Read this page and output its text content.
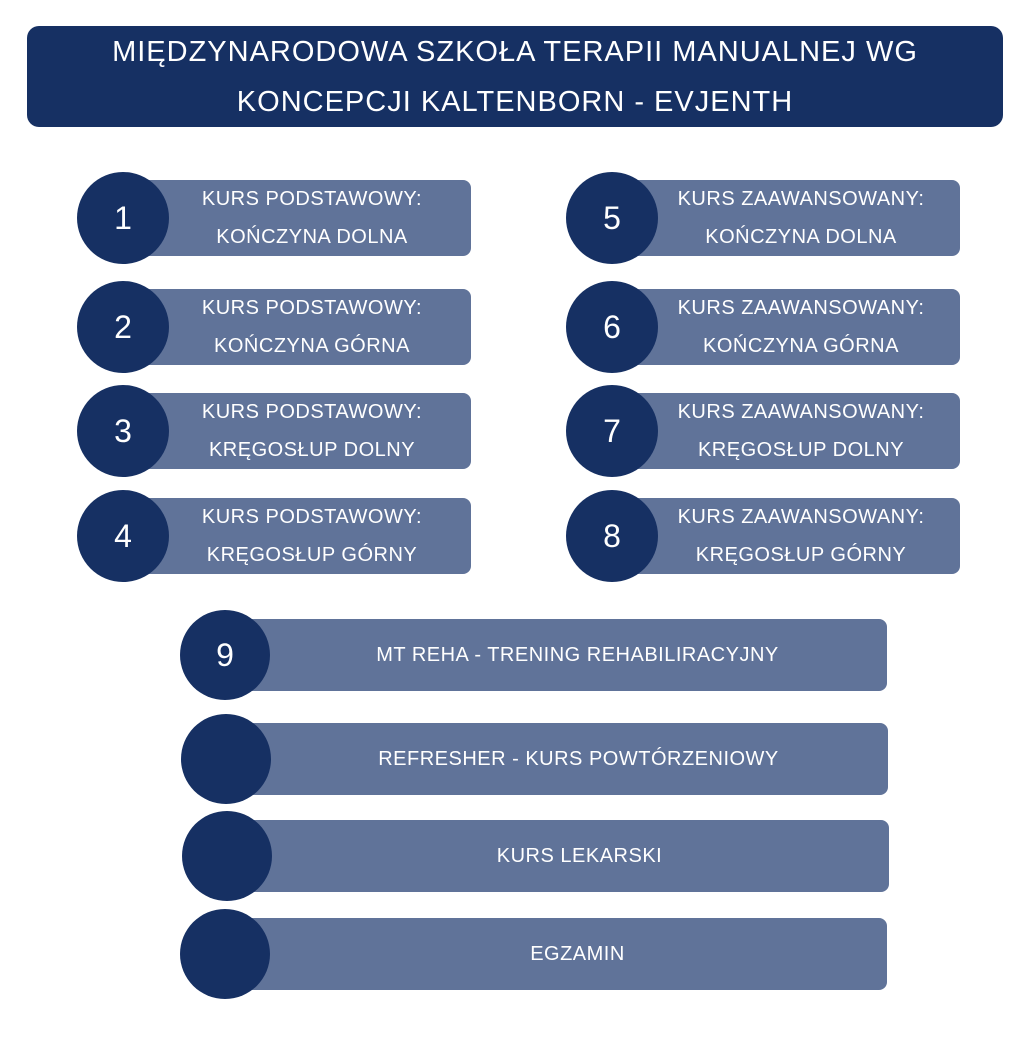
MIĘDZYNARODOWA SZKOŁA TERAPII MANUALNEJ WG
KONCEPCJI KALTENBORN - EVJENTH
KURS PODSTAWOWY:
KOŃCZYNA DOLNA
1
KURS PODSTAWOWY:
KOŃCZYNA GÓRNA
2
KURS PODSTAWOWY:
KRĘGOSŁUP DOLNY
3
KURS PODSTAWOWY:
KRĘGOSŁUP GÓRNY
4
KURS ZAAWANSOWANY:
KOŃCZYNA DOLNA
5
KURS ZAAWANSOWANY:
KOŃCZYNA GÓRNA
6
KURS ZAAWANSOWANY:
KRĘGOSŁUP DOLNY
7
KURS ZAAWANSOWANY:
KRĘGOSŁUP GÓRNY
8
MT REHA - TRENING REHABILIRACYJNY
9
REFRESHER - KURS POWTÓRZENIOWY
KURS LEKARSKI
EGZAMIN
